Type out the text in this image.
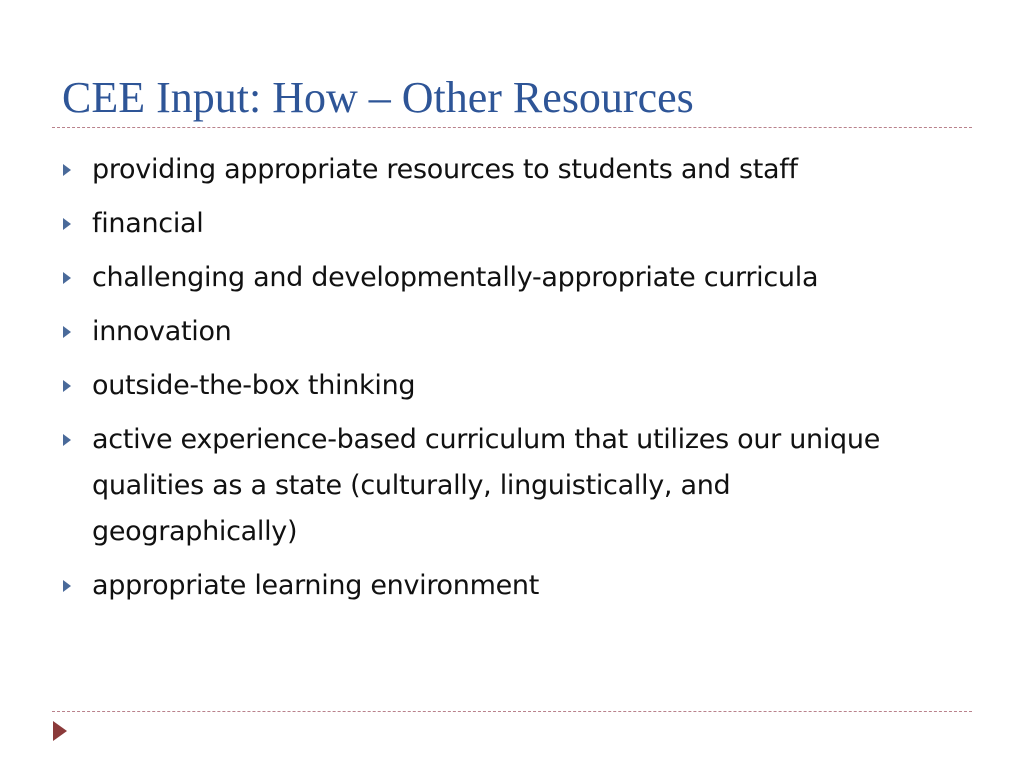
CEE Input: How – Other Resources
providing appropriate resources to students and staff
financial
challenging and developmentally-appropriate curricula
innovation
outside-the-box thinking
active experience-based curriculum that utilizes our unique qualities as a state (culturally, linguistically, and geographically)
appropriate learning environment
